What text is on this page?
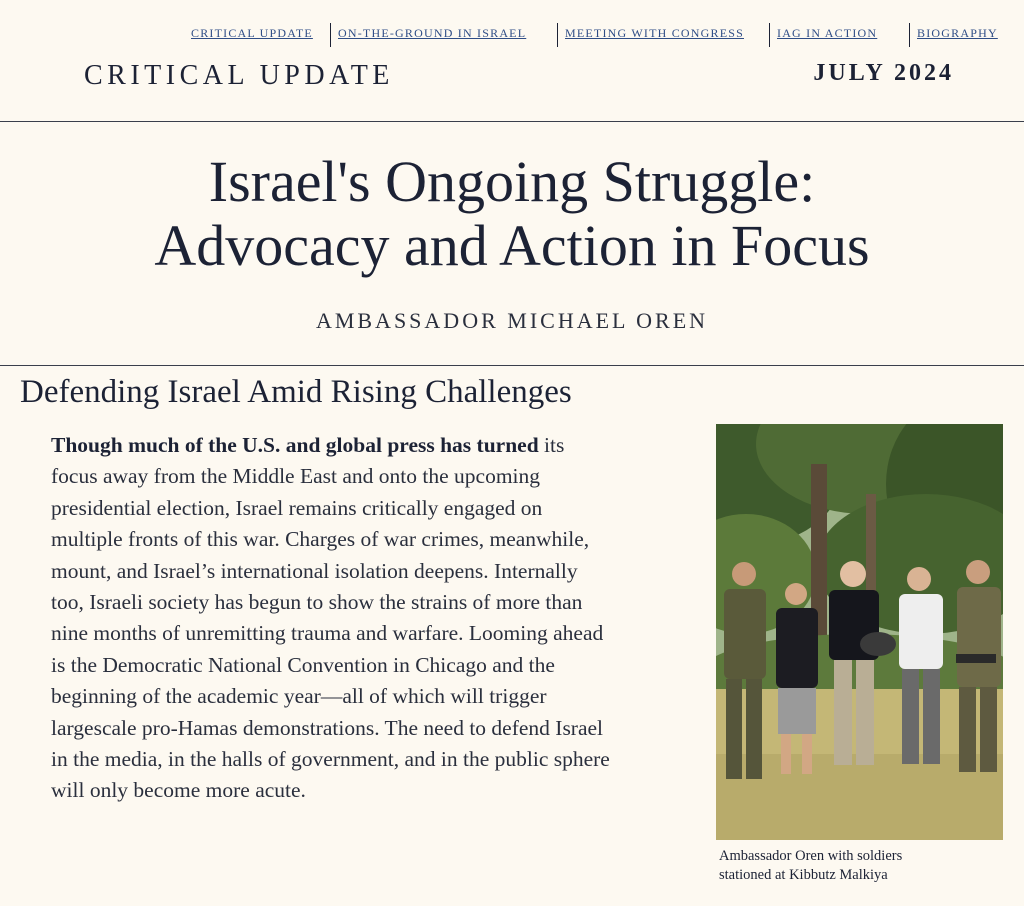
CRITICAL UPDATE ON-THE-GROUND IN ISRAEL	MEETING WITH CONGRESS	IAG IN ACTION	BIOGRAPHY
CRITICAL UPDATE	JULY 2024
Israel's Ongoing Struggle:
Advocacy and Action in Focus
AMBASSADOR MICHAEL OREN
Defending Israel Amid Rising Challenges
Though much of the U.S. and global press has turned its focus away from the Middle East and onto the upcoming presidential election, Israel remains critically engaged on multiple fronts of this war. Charges of war crimes, meanwhile, mount, and Israel’s international isolation deepens. Internally too, Israeli society has begun to show the strains of more than nine months of unremitting trauma and warfare. Looming ahead is the Democratic National Convention in Chicago and the beginning of the academic year—all of which will trigger largescale pro-Hamas demonstrations. The need to defend Israel in the media, in the halls of government, and in the public sphere will only become more acute.
Ambassador Oren with soldiers
stationed at Kibbutz Malkiya
